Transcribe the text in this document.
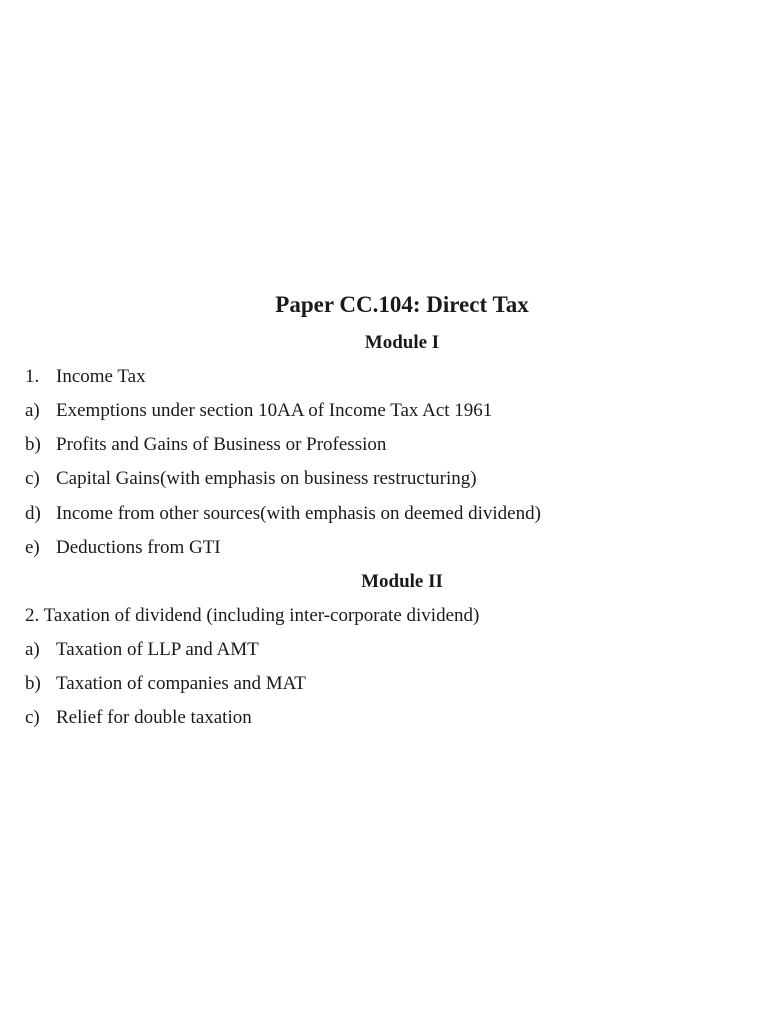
Paper CC.104: Direct Tax
Module I
1. Income Tax
a) Exemptions under section 10AA of Income Tax Act 1961
b) Profits and Gains of Business or Profession
c) Capital Gains(with emphasis on business restructuring)
d) Income from other sources(with emphasis on deemed dividend)
e) Deductions from GTI
Module II
2. Taxation of dividend (including inter-corporate dividend)
a) Taxation of LLP and AMT
b) Taxation of companies and MAT
c) Relief for double taxation
